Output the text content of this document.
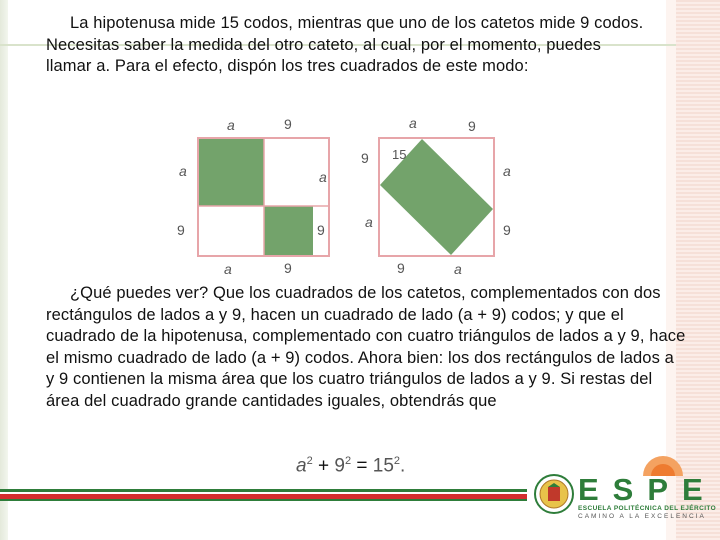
La hipotenusa mide 15 codos, mientras que uno de los catetos mide 9 codos. Necesitas saber la medida del otro cateto, al cual, por el momento, puedes llamar a. Para el efecto, dispón los tres cuadrados de este modo:

a	9
a
9
a
9
a	9
a	9
9 15
a
a
9
9	a

¿Qué puedes ver? Que los cuadrados de los catetos, complementados con dos rectángulos de lados a y 9, hacen un cuadrado de lado (a + 9) codos; y que el cuadrado de la hipotenusa, complementado con cuatro triángulos de lados a y 9, hace el mismo cuadrado de lado (a + 9) codos. Ahora bien: los dos rectángulos de lados a y 9 contienen la misma área que los cuatro triángulos de lados a y 9. Si restas del área del cuadrado grande cantidades iguales, obtendrás que

$a^2 + 9^2 = 15^2$.
ESPE
ESCUELA POLITÉCNICA DEL EJÉRCITO
CAMINO A LA EXCELENCIA
